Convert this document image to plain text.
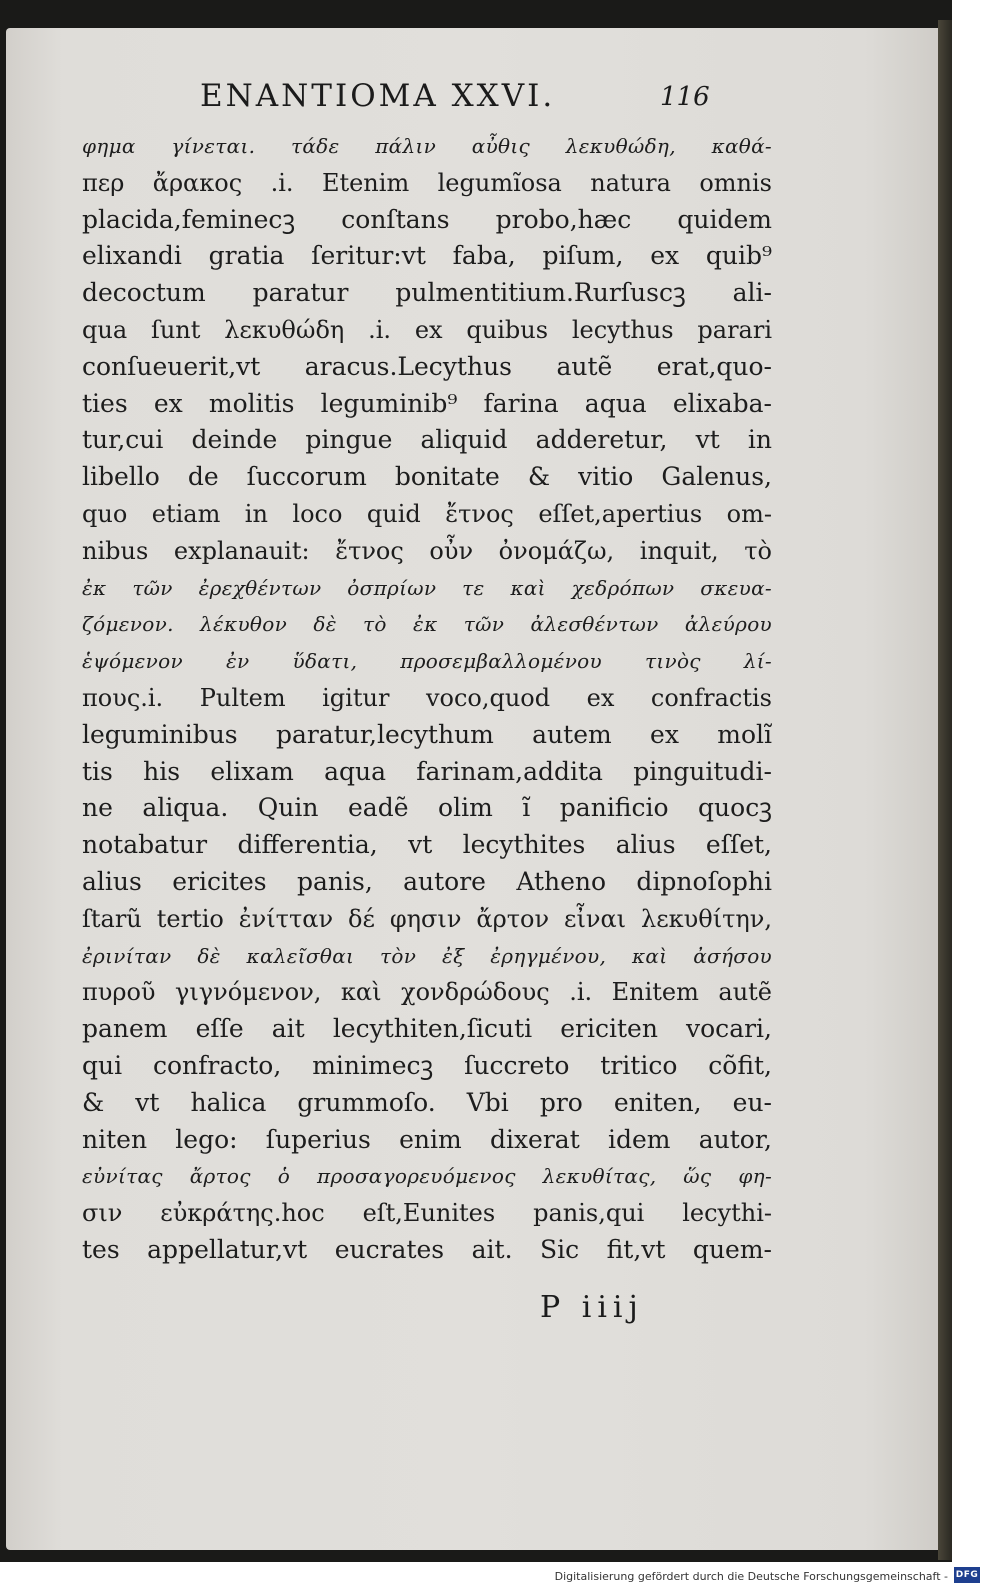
ENANTIOMA XXVI.	116
φημα γίνεται. τάδε πάλιν αὖθις λεκυθώδη, καθά-
περ ἄρακος .i. Etenim legumĩosa natura omnis
placida,feminecꝫ conſtans probo,hæc quidem
elixandi gratia ſeritur:vt faba, piſum, ex quib⁹
decoctum paratur pulmentitium.Rurſuscꝫ ali-
qua ſunt λεκυθώδη .i. ex quibus lecythus parari
conſueuerit,vt aracus.Lecythus autẽ erat,quo-
ties ex molitis leguminib⁹ farina aqua elixaba-
tur,cui deinde pingue aliquid adderetur, vt in
libello de ſuccorum bonitate & vitio Galenus,
quo etiam in loco quid ἔτνος eſſet,apertius om-
nibus explanauit: ἔτνος οὖν ὀνομάζω, inquit, τὸ
ἐκ τῶν ἐρεχθέντων ὀσπρίων τε καὶ χεδρόπων σκευα-
ζόμενον. λέκυθον δὲ τὸ ἐκ τῶν ἀλεσθέντων ἀλεύρου
ἑψόμενον ἐν ὕδατι, προσεμβαλλομένου τινὸς λί-
πους.i. Pultem igitur voco,quod ex confractis
leguminibus paratur,lecythum autem ex molĩ
tis his elixam aqua farinam,addita pinguitudi-
ne aliqua. Quin eadẽ olim ĩ panificio quocꝫ
notabatur differentia, vt lecythites alius eſſet,
alius ericites panis, autore Atheno dipnoſophi
ſtarũ tertio ἐνίτταν δέ φησιν ἄρτον εἶναι λεκυθίτην,
ἐρινίταν δὲ καλεῖσθαι τὸν ἐξ ἐρηγμένου, καὶ ἀσήσου
πυροῦ γιγνόμενον, καὶ χονδρώδους .i. Enitem autẽ
panem eſſe ait lecythiten,ſicuti ericiten vocari,
qui confracto, minimecꝫ ſuccreto tritico cõfit,
& vt halica grummoſo. Vbi pro eniten, eu-
niten lego: ſuperius enim dixerat idem autor,
εὐνίτας ἄρτος ὁ προσαγορευόμενος λεκυθίτας, ὥς φη-
σιν εὐκράτης.hoc eſt,Eunites panis,qui lecythi-
tes appellatur,vt eucrates ait. Sic fit,vt quem-
P iiij
Digitalisierung gefördert durch die Deutsche Forschungsgemeinschaft - DFG
